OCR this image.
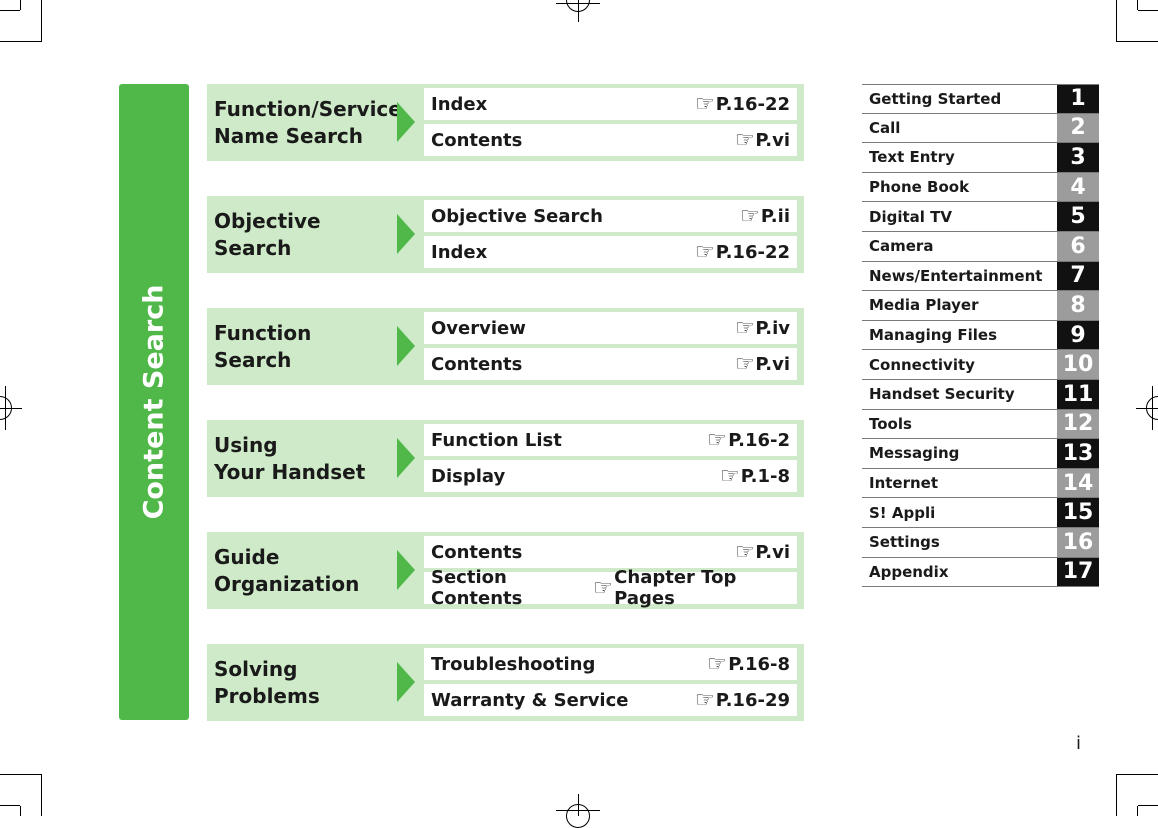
Content Search
Function/Service
Name Search
Index	☜ P.16-22
Contents	☜ P.vi
Objective Search
Objective Search	☜ P.ii
Index	☜ P.16-22
Function Search
Overview	☜ P.iv
Contents	☜ P.vi
Using
Your Handset
Function List	☜ P.16-2
Display	☜ P.1-8
Guide
Organization
Contents	☜ P.vi
Section Contents	☜ Chapter Top Pages
Solving
Problems
Troubleshooting	☜ P.16-8
Warranty & Service	☜ P.16-29
Getting Started	1
Call	2
Text Entry	3
Phone Book	4
Digital TV	5
Camera	6
News/Entertainment	7
Media Player	8
Managing Files	9
Connectivity	10
Handset Security	11
Tools	12
Messaging	13
Internet	14
S! Appli	15
Settings	16
Appendix	17
i
